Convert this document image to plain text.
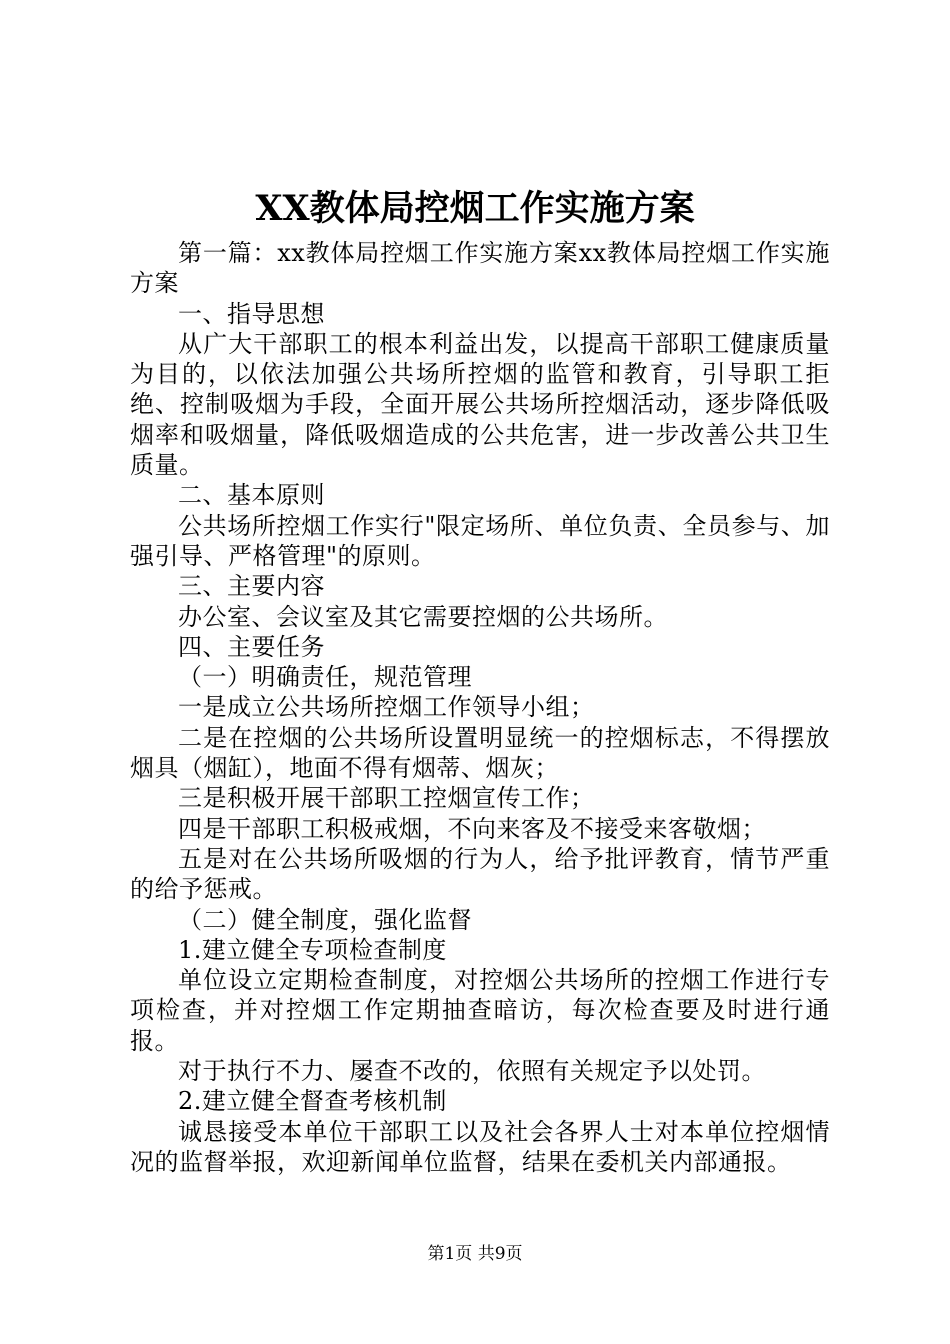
XX教体局控烟工作实施方案

第一篇：xx教体局控烟工作实施方案xx教体局控烟工作实施方案

一、指导思想

从广大干部职工的根本利益出发，以提高干部职工健康质量为目的，以依法加强公共场所控烟的监管和教育，引导职工拒绝、控制吸烟为手段，全面开展公共场所控烟活动，逐步降低吸烟率和吸烟量，降低吸烟造成的公共危害，进一步改善公共卫生质量。

二、基本原则

公共场所控烟工作实行"限定场所、单位负责、全员参与、加强引导、严格管理"的原则。

三、主要内容

办公室、会议室及其它需要控烟的公共场所。

四、主要任务

（一）明确责任，规范管理

一是成立公共场所控烟工作领导小组；

二是在控烟的公共场所设置明显统一的控烟标志，不得摆放烟具（烟缸），地面不得有烟蒂、烟灰；

三是积极开展干部职工控烟宣传工作；

四是干部职工积极戒烟，不向来客及不接受来客敬烟；

五是对在公共场所吸烟的行为人，给予批评教育，情节严重的给予惩戒。

（二）健全制度，强化监督

1.建立健全专项检查制度

单位设立定期检查制度，对控烟公共场所的控烟工作进行专项检查，并对控烟工作定期抽查暗访，每次检查要及时进行通报。

对于执行不力、屡查不改的，依照有关规定予以处罚。

2.建立健全督查考核机制

诚恳接受本单位干部职工以及社会各界人士对本单位控烟情况的监督举报，欢迎新闻单位监督，结果在委机关内部通报。

第1页 共9页
